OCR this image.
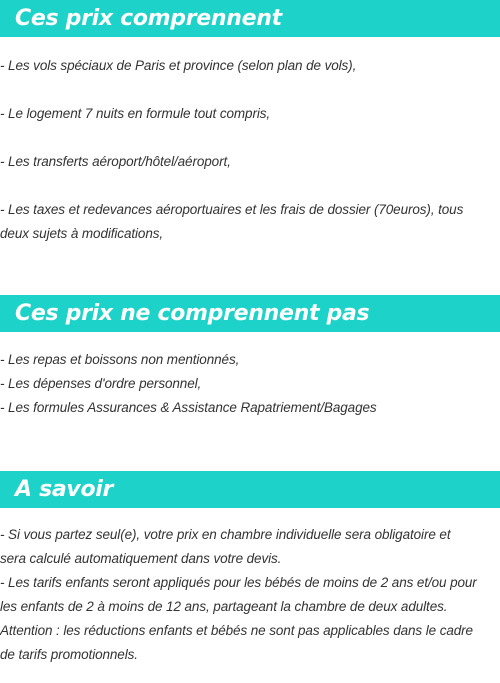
Ces prix comprennent

- Les vols spéciaux de Paris et province (selon plan de vols),

- Le logement 7 nuits en formule tout compris,

- Les transferts aéroport/hôtel/aéroport,

- Les taxes et redevances aéroportuaires et les frais de dossier (70euros), tous

deux sujets à modifications,

Ces prix ne comprennent pas

- Les repas et boissons non mentionnés,

- Les dépenses d'ordre personnel,

- Les formules Assurances & Assistance Rapatriement/Bagages

A savoir

- Si vous partez seul(e), votre prix en chambre individuelle sera obligatoire et

sera calculé automatiquement dans votre devis.

- Les tarifs enfants seront appliqués pour les bébés de moins de 2 ans et/ou pour

les enfants de 2 à moins de 12 ans, partageant la chambre de deux adultes.

Attention : les réductions enfants et bébés ne sont pas applicables dans le cadre

de tarifs promotionnels.
